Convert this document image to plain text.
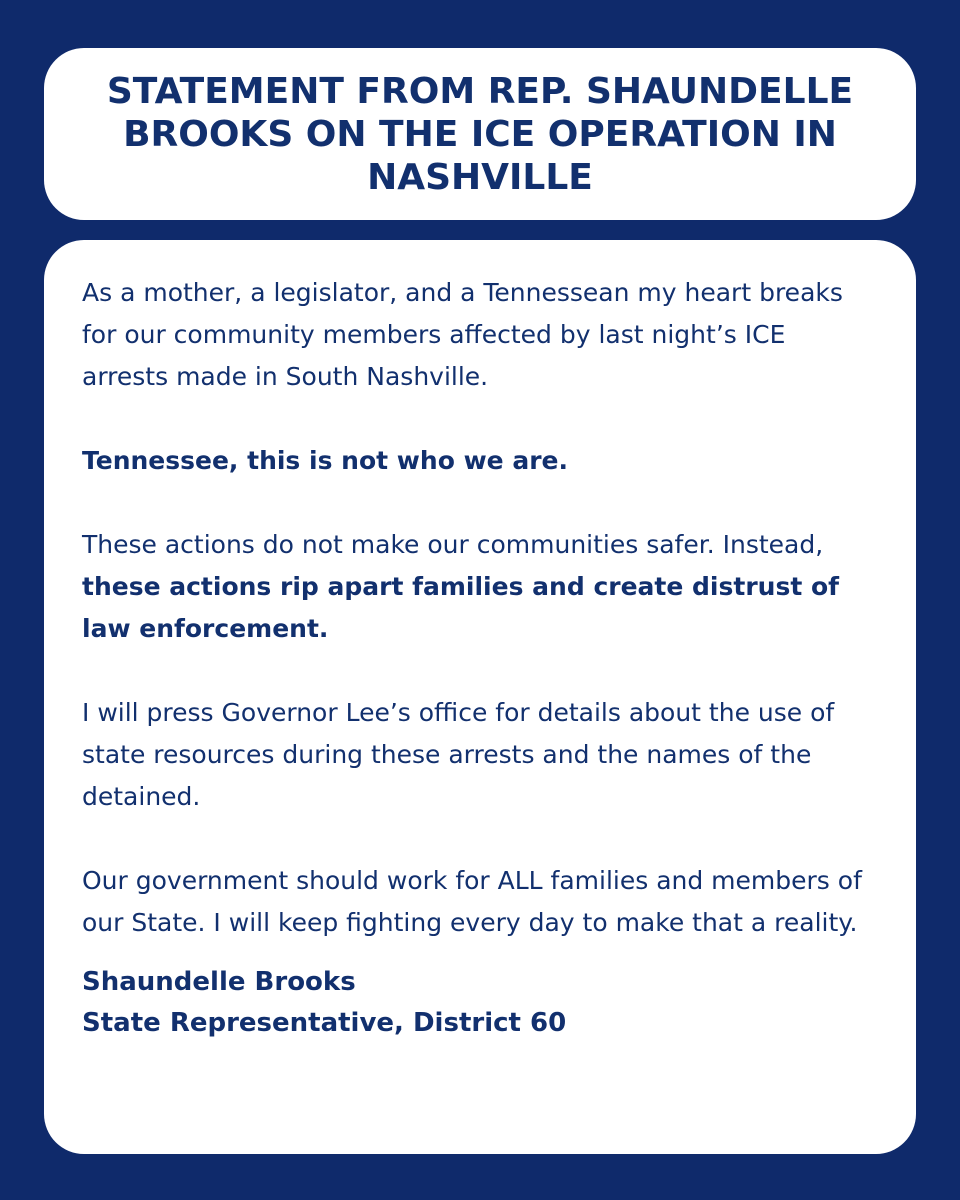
STATEMENT FROM REP. SHAUNDELLE BROOKS ON THE ICE OPERATION IN NASHVILLE

As a mother, a legislator, and a Tennessean my heart breaks for our community members affected by last night’s ICE arrests made in South Nashville.

Tennessee, this is not who we are.

These actions do not make our communities safer. Instead, these actions rip apart families and create distrust of law enforcement.

I will press Governor Lee’s office for details about the use of state resources during these arrests and the names of the detained.

Our government should work for ALL families and members of our State. I will keep fighting every day to make that a reality.

Shaundelle Brooks
State Representative, District 60
